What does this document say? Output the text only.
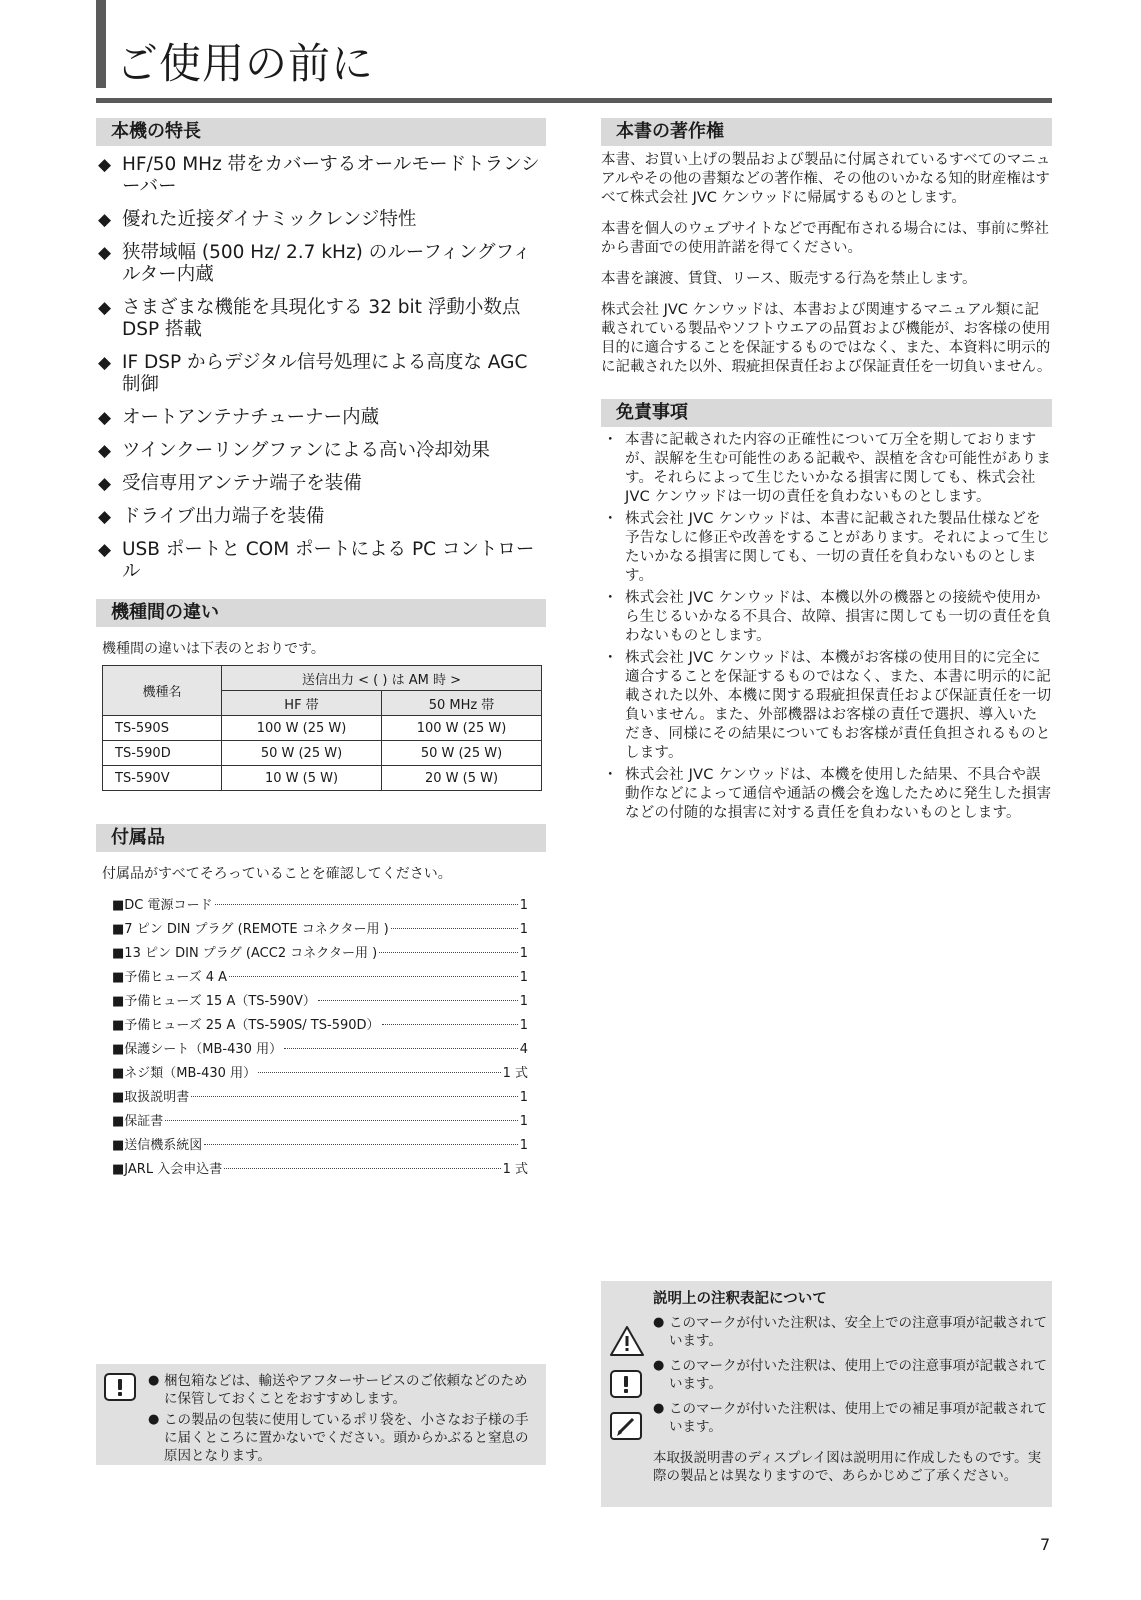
ご使用の前に
本機の特長
◆ HF/50 MHz 帯をカバーするオールモードトランシーバー
◆ 優れた近接ダイナミックレンジ特性
◆ 狭帯域幅 (500 Hz/ 2.7 kHz) のルーフィングフィルター内蔵
◆ さまざまな機能を具現化する 32 bit 浮動小数点 DSP 搭載
◆ IF DSP からデジタル信号処理による高度な AGC 制御
◆ オートアンテナチューナー内蔵
◆ ツインクーリングファンによる高い冷却効果
◆ 受信専用アンテナ端子を装備
◆ ドライブ出力端子を装備
◆ USB ポートと COM ポートによる PC コントロール
機種間の違い

機種間の違いは下表のとおりです。

機種名	送信出力 < ( ) は AM 時 >	
	HF 帯	50 MHz 帯
TS-590S	100 W (25 W)	100 W (25 W)
TS-590D	50 W (25 W)	50 W (25 W)
TS-590V	10 W (5 W)	20 W (5 W)
付属品

付属品がすべてそろっていることを確認してください。

■ DC 電源コード	1
■ 7 ピン DIN プラグ (REMOTE コネクター用 )	1
■ 13 ピン DIN プラグ (ACC2 コネクター用 )	1
■ 予備ヒューズ 4 A	1
■ 予備ヒューズ 15 A（TS-590V）	1
■ 予備ヒューズ 25 A（TS-590S/ TS-590D）	1
■ 保護シート（MB-430 用）	4
■ ネジ類（MB-430 用）	1 式
■ 取扱説明書	1
■ 保証書	1
■ 送信機系統図	1
■ JARL 入会申込書	1 式
● 梱包箱などは、輸送やアフターサービスのご依頼などのために保管しておくことをおすすめします。
● この製品の包装に使用しているポリ袋を、小さなお子様の手に届くところに置かないでください。頭からかぶると窒息の原因となります。
本書の著作権

本書、お買い上げの製品および製品に付属されているすべてのマニュアルやその他の書類などの著作権、その他のいかなる知的財産権はすべて株式会社 JVC ケンウッドに帰属するものとします。

本書を個人のウェブサイトなどで再配布される場合には、事前に弊社から書面での使用許諾を得てください。

本書を譲渡、賃貸、リース、販売する行為を禁止します。

株式会社 JVC ケンウッドは、本書および関連するマニュアル類に記載されている製品やソフトウエアの品質および機能が、お客様の使用目的に適合することを保証するものではなく、また、本資料に明示的に記載された以外、瑕疵担保責任および保証責任を一切負いません。

免責事項
・ 本書に記載された内容の正確性について万全を期しておりますが、誤解を生む可能性のある記載や、誤植を含む可能性があります。それらによって生じたいかなる損害に関しても、株式会社 JVC ケンウッドは一切の責任を負わないものとします。
・ 株式会社 JVC ケンウッドは、本書に記載された製品仕様などを予告なしに修正や改善をすることがあります。それによって生じたいかなる損害に関しても、一切の責任を負わないものとします。
・ 株式会社 JVC ケンウッドは、本機以外の機器との接続や使用から生じるいかなる不具合、故障、損害に関しても一切の責任を負わないものとします。
・ 株式会社 JVC ケンウッドは、本機がお客様の使用目的に完全に適合することを保証するものではなく、また、本書に明示的に記載された以外、本機に関する瑕疵担保責任および保証責任を一切負いません。また、外部機器はお客様の責任で選択、導入いただき、同様にその結果についてもお客様が責任負担されるものとします。
・ 株式会社 JVC ケンウッドは、本機を使用した結果、不具合や誤動作などによって通信や通話の機会を逸したために発生した損害などの付随的な損害に対する責任を負わないものとします。
説明上の注釈表記について
● このマークが付いた注釈は、安全上での注意事項が記載されています。
● このマークが付いた注釈は、使用上での注意事項が記載されています。
● このマークが付いた注釈は、使用上での補足事項が記載されています。

本取扱説明書のディスプレイ図は説明用に作成したものです。実際の製品とは異なりますので、あらかじめご了承ください。

7
